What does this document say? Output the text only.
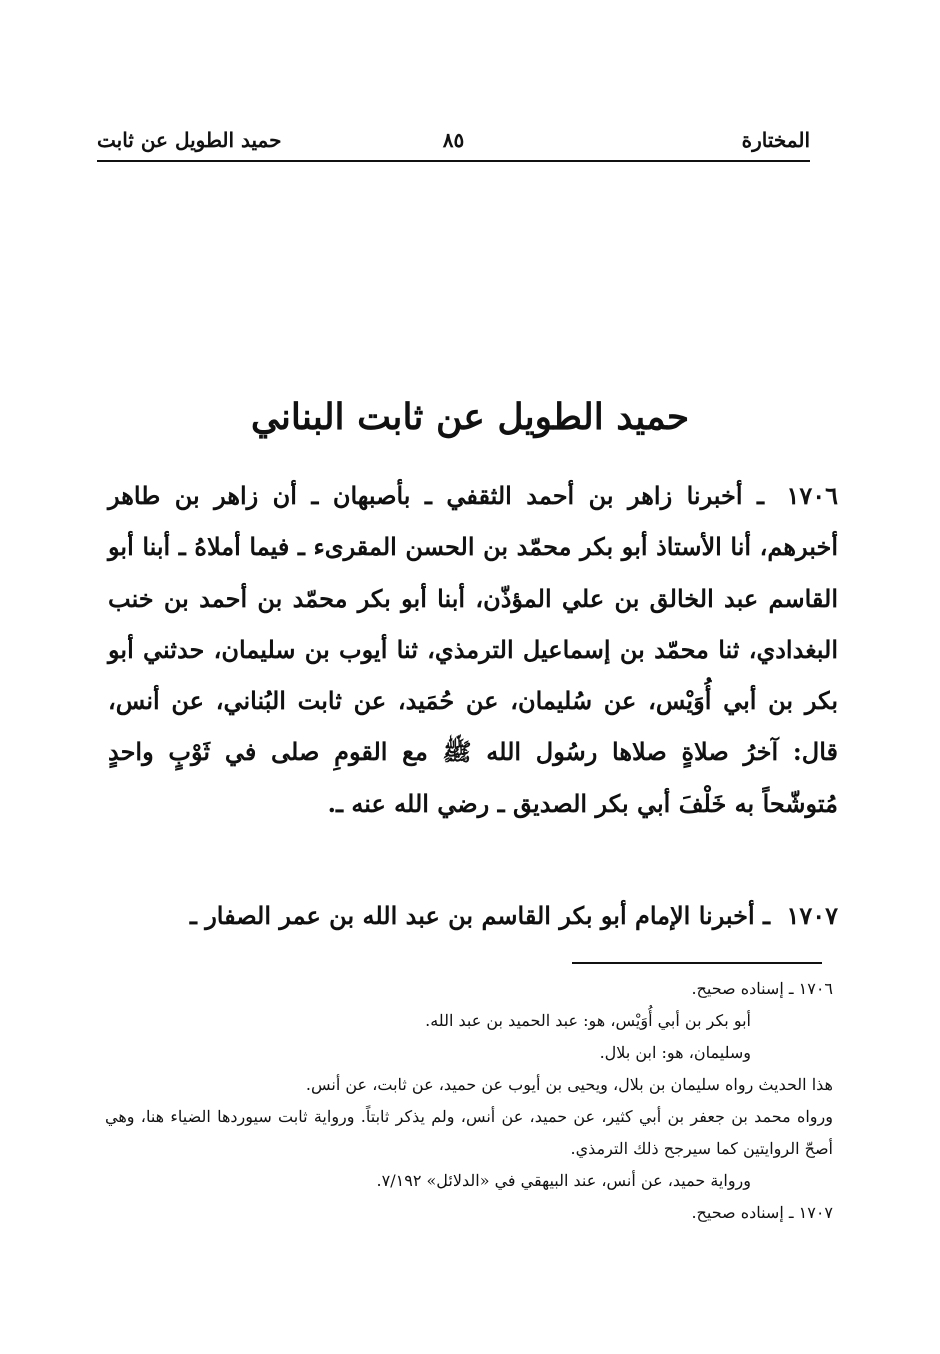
المختارة
٨٥
حميد الطويل عن ثابت
حميد الطويل عن ثابت البناني
١٧٠٦ ـ أخبرنا زاهر بن أحمد الثقفي ـ بأصبهان ـ أن زاهر بن طاهر أخبرهم، أنا الأستاذ أبو بكر محمّد بن الحسن المقرىء ـ فيما أملاهُ ـ أبنا أبو القاسم عبد الخالق بن علي المؤذّن، أبنا أبو بكر محمّد بن أحمد بن خنب البغدادي، ثنا محمّد بن إسماعيل الترمذي، ثنا أيوب بن سليمان، حدثني أبو بكر بن أبي أُوَيْس، عن سُليمان، عن حُمَيد، عن ثابت البُناني، عن أنس، قال: آخرُ صلاةٍ صلاها رسُول الله ﷺ مع القومِ صلى في ثَوْبٍ واحدٍ مُتوشّحاً به خَلْفَ أبي بكر الصديق ـ رضي الله عنه ـ.
١٧٠٧ ـ أخبرنا الإمام أبو بكر القاسم بن عبد الله بن عمر الصفار ـ

١٧٠٦ ـ إسناده صحيح.

أبو بكر بن أبي أُوَيْس، هو: عبد الحميد بن عبد الله.

وسليمان، هو: ابن بلال.

هذا الحديث رواه سليمان بن بلال، ويحيى بن أيوب عن حميد، عن ثابت، عن أنس.

ورواه محمد بن جعفر بن أبي كثير، عن حميد، عن أنس، ولم يذكر ثابتاً. ورواية ثابت سيوردها الضياء هنا، وهي أصحّ الروايتين كما سيرجح ذلك الترمذي.

ورواية حميد، عن أنس، عند البيهقي في «الدلائل» ٧/١٩٢.

١٧٠٧ ـ إسناده صحيح.
